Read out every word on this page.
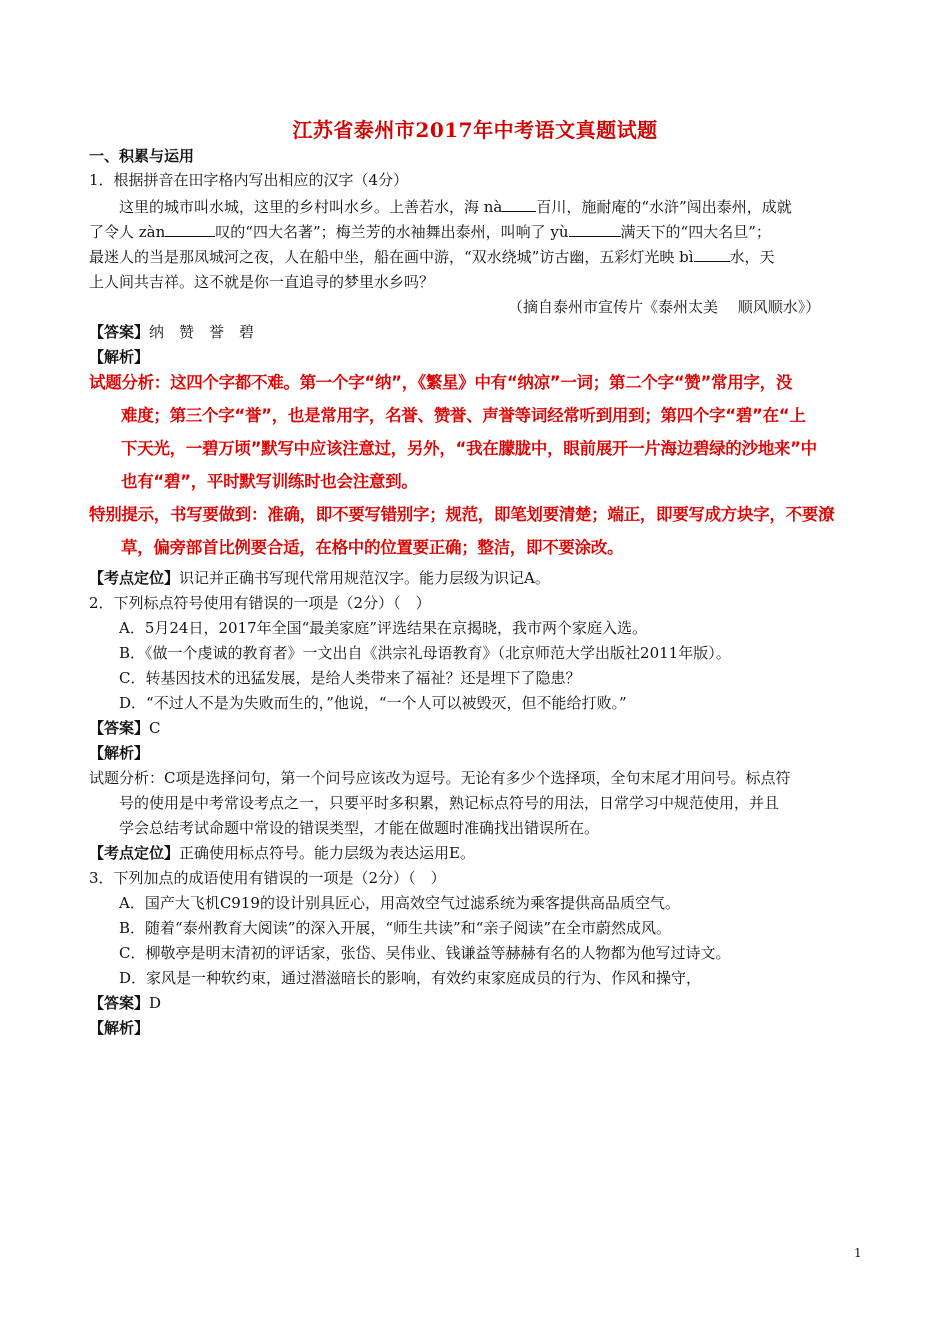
江苏省泰州市2017年中考语文真题试题
一、积累与运用
1．根据拼音在田字格内写出相应的汉字（4分）
这里的城市叫水城，这里的乡村叫水乡。上善若水，海 nà 百川，施耐庵的“水浒”闯出泰州，成就
了令人 zàn	叹的“四大名著”；梅兰芳的水袖舞出泰州，叫响了 yù	满天下的“四大名旦”；
最迷人的当是那凤城河之夜，人在船中坐，船在画中游，“双水绕城”访古幽，五彩灯光映 bì 水，天
上人间共吉祥。这不就是你一直追寻的梦里水乡吗？
（摘自泰州市宣传片《泰州太美　 顺风顺水》）
【答案】纳　赞　誉　碧
【解析】
试题分析：这四个字都不难。第一个字“纳”，《繁星》中有“纳凉”一词；第二个字“赞”常用字，没
难度；第三个字“誉”，也是常用字，名誉、赞誉、声誉等词经常听到用到；第四个字“碧”在“上
下天光，一碧万顷”默写中应该注意过，另外，“我在朦胧中，眼前展开一片海边碧绿的沙地来”中
也有“碧”，平时默写训练时也会注意到。
特别提示，书写要做到：准确，即不要写错别字；规范，即笔划要清楚；端正，即要写成方块字，不要潦
草，偏旁部首比例要合适，在格中的位置要正确；整洁，即不要涂改。
【考点定位】识记并正确书写现代常用规范汉字。能力层级为识记A。
2．下列标点符号使用有错误的一项是（2分）（　）
A．5月24日，2017年全国“最美家庭”评选结果在京揭晓，我市两个家庭入选。
B．《做一个虔诚的教育者》一文出自《洪宗礼母语教育》（北京师范大学出版社2011年版）。
C．转基因技术的迅猛发展，是给人类带来了福祉？还是埋下了隐患？
D．“不过人不是为失败而生的，”他说，“一个人可以被毁灭，但不能给打败。”
【答案】C
【解析】
试题分析：C项是选择问句，第一个问号应该改为逗号。无论有多少个选择项，全句末尾才用问号。标点符
号的使用是中考常设考点之一，只要平时多积累，熟记标点符号的用法，日常学习中规范使用，并且
学会总结考试命题中常设的错误类型，才能在做题时准确找出错误所在。
【考点定位】正确使用标点符号。能力层级为表达运用E。
3．下列加点的成语使用有错误的一项是（2分）（　）
A．国产大飞机C919的设计别具匠心，用高效空气过滤系统为乘客提供高品质空气。
B．随着“泰州教育大阅读”的深入开展，“师生共读”和“亲子阅读”在全市蔚然成风。
C．柳敬亭是明末清初的评话家，张岱、吴伟业、钱谦益等赫赫有名的人物都为他写过诗文。
D．家风是一种软约束，通过潜滋暗长的影响，有效约束家庭成员的行为、作风和操守，
【答案】D
【解析】
1
